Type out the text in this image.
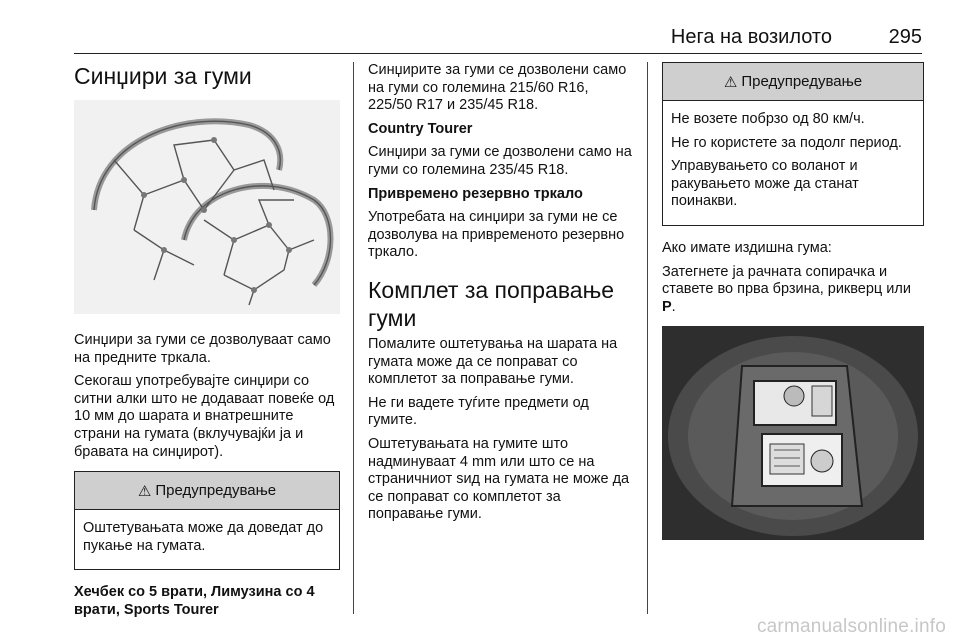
Нега на возилото	295
Синџири за гуми

Синџири за гуми се дозволуваат само на предните тркала.

Секогаш употребувајте синџири со ситни алки што не додаваат повеќе од 10 мм до шарата и внатрешните страни на гумата (вклучувајќи ја и бравата на синџирот).

⚠ Предупредување

Оштетувањата може да доведат до пукање на гумата.

Хечбек со 5 врати, Лимузина со 4 врати, Sports Tourer

Синџирите за гуми се дозволени само на гуми со големина 215/60 R16, 225/50 R17 и 235/45 R18.

Country Tourer

Синџири за гуми се дозволени само на гуми со големина 235/45 R18.

Привремено резервно тркало

Употребата на синџири за гуми не се дозволува на привременото резервно тркало.

Комплет за поправање гуми

Помалите оштетувања на шарата на гумата може да се поправат со комплетот за поправање гуми.

Не ги вадете туѓите предмети од гумите.

Оштетувањата на гумите што надминуваат 4 mm или што се на страничниот sид на гумата не може да се поправат со комплетот за поправање гуми.

⚠ Предупредување

Не возете побрзо од 80 км/ч.

Не го користете за подолг период.

Управувањето со воланот и ракувањето може да станат поинакви.

Ако имате издишна гума:

Затегнете ја рачната сопирачка и ставете во прва брзина, рикверц или P.

carmanualsonline.info
